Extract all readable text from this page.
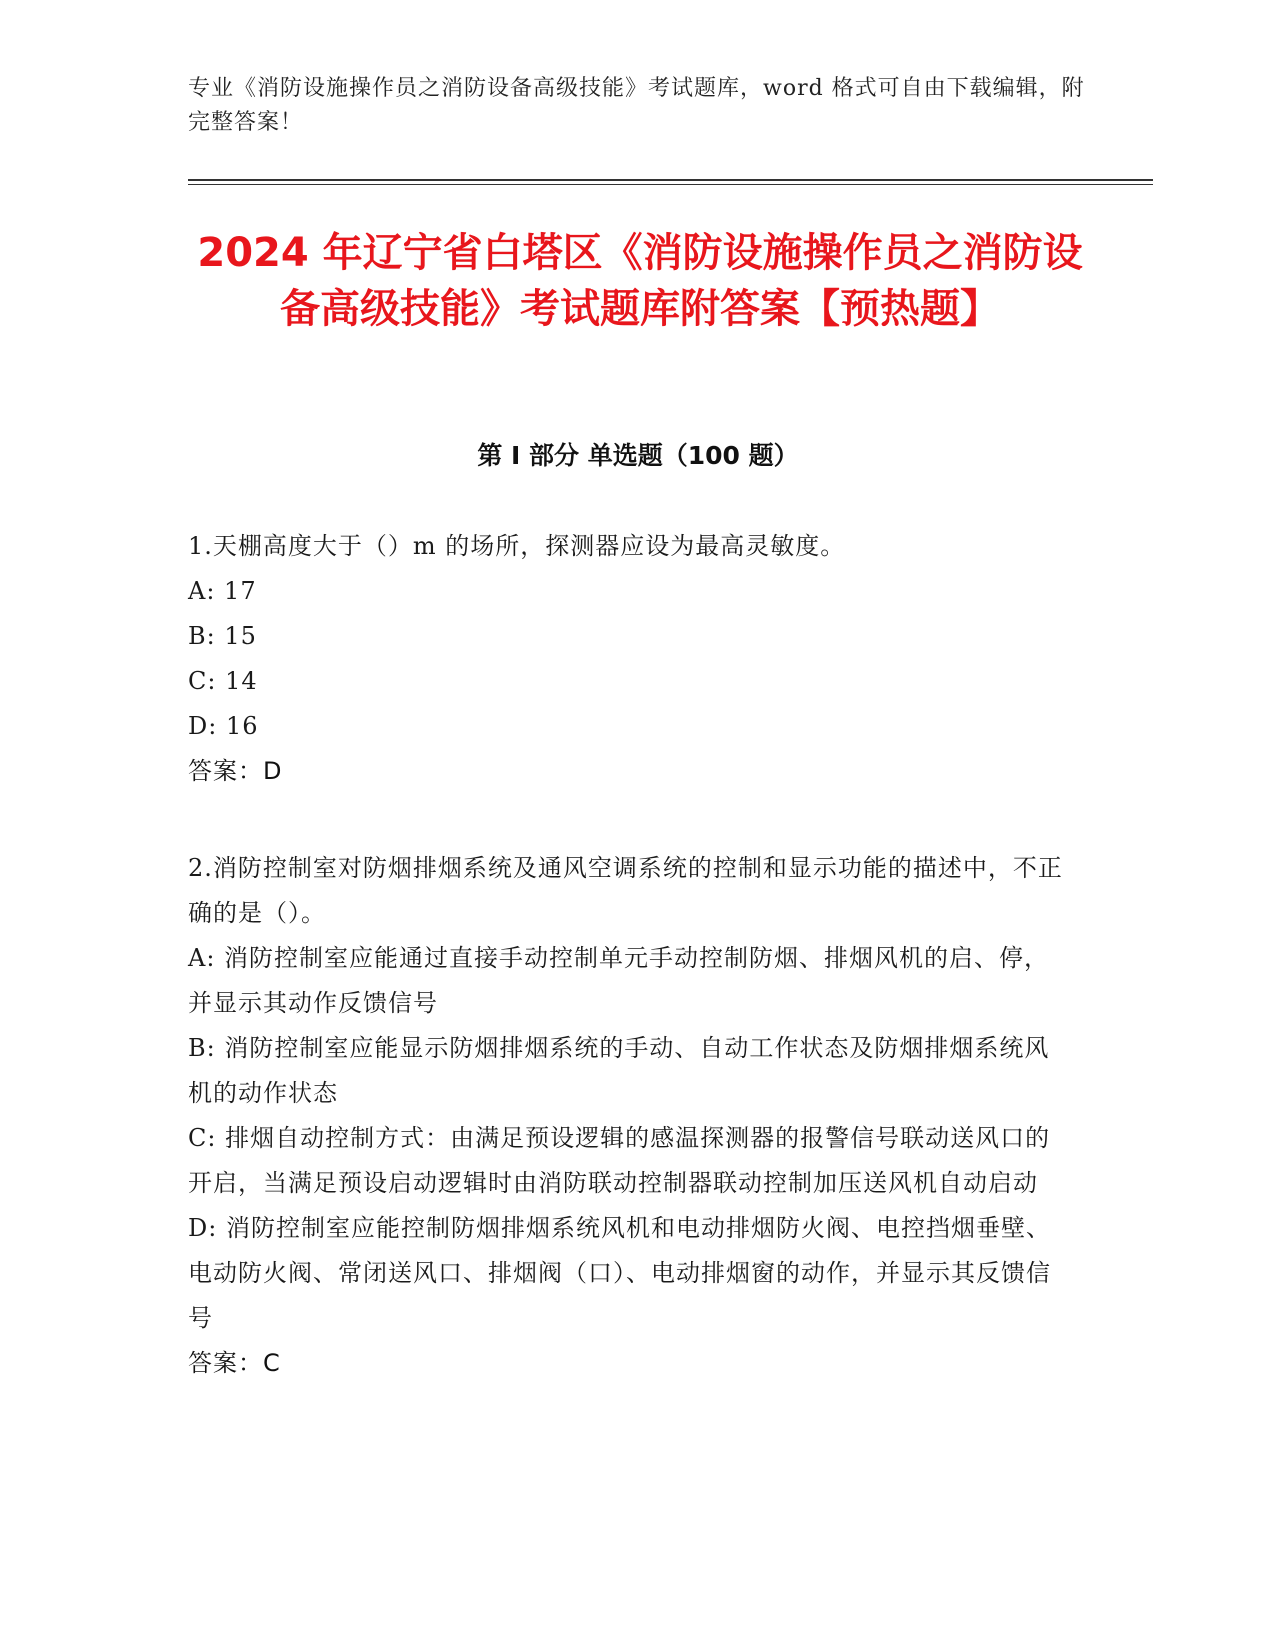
专业《消防设施操作员之消防设备高级技能》考试题库，word 格式可自由下载编辑，附完整答案！
2024 年辽宁省白塔区《消防设施操作员之消防设备高级技能》考试题库附答案【预热题】
第 I 部分 单选题（100 题）
1.天棚高度大于（）m 的场所，探测器应设为最高灵敏度。
A: 17
B: 15
C: 14
D: 16
答案：D
2.消防控制室对防烟排烟系统及通风空调系统的控制和显示功能的描述中，不正确的是（）。
A: 消防控制室应能通过直接手动控制单元手动控制防烟、排烟风机的启、停，并显示其动作反馈信号
B: 消防控制室应能显示防烟排烟系统的手动、自动工作状态及防烟排烟系统风机的动作状态
C: 排烟自动控制方式：由满足预设逻辑的感温探测器的报警信号联动送风口的开启，当满足预设启动逻辑时由消防联动控制器联动控制加压送风机自动启动
D: 消防控制室应能控制防烟排烟系统风机和电动排烟防火阀、电控挡烟垂壁、电动防火阀、常闭送风口、排烟阀（口）、电动排烟窗的动作，并显示其反馈信号
答案：C
